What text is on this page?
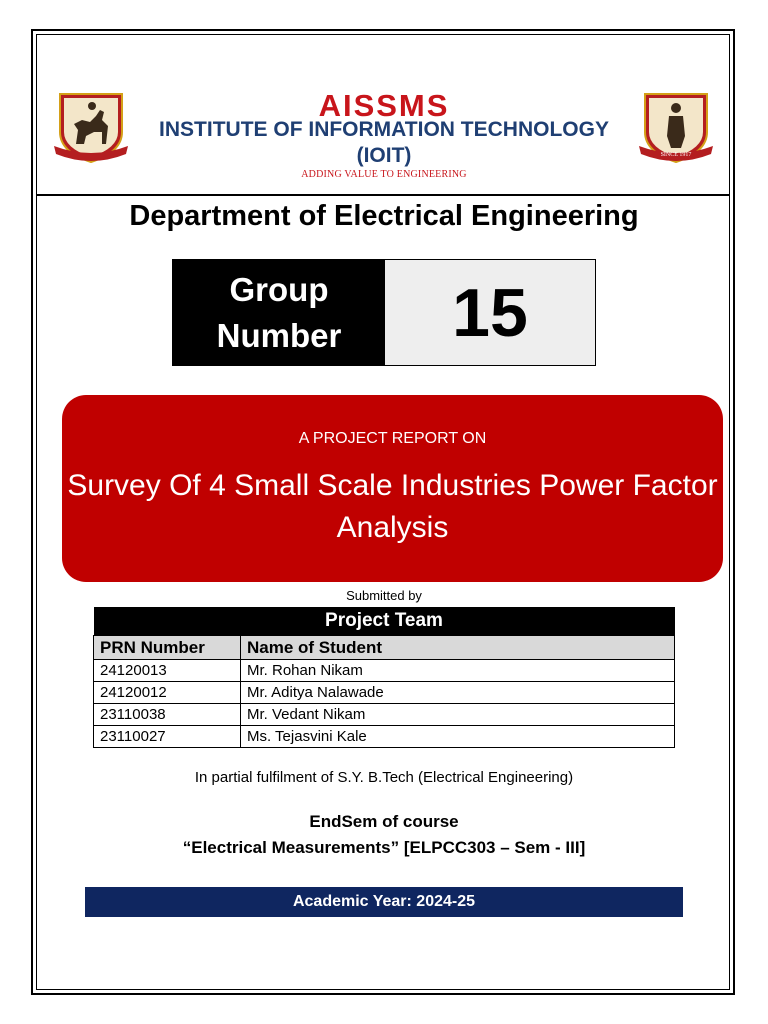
SINCE 1917
AISSMS
INSTITUTE OF INFORMATION TECHNOLOGY
(IOIT)
ADDING VALUE TO ENGINEERING
Department of Electrical Engineering
Group
Number	15
A PROJECT REPORT ON
Survey Of 4 Small Scale Industries Power Factor Analysis
Submitted by
Project Team	
PRN Number	Name of Student
24120013	Mr. Rohan Nikam
24120012	Mr. Aditya Nalawade
23110038	Mr. Vedant Nikam
23110027	Ms. Tejasvini Kale
In partial fulfilment of S.Y. B.Tech (Electrical Engineering)
EndSem of course
“Electrical Measurements” [ELPCC303 – Sem - III]
Academic Year: 2024-25
